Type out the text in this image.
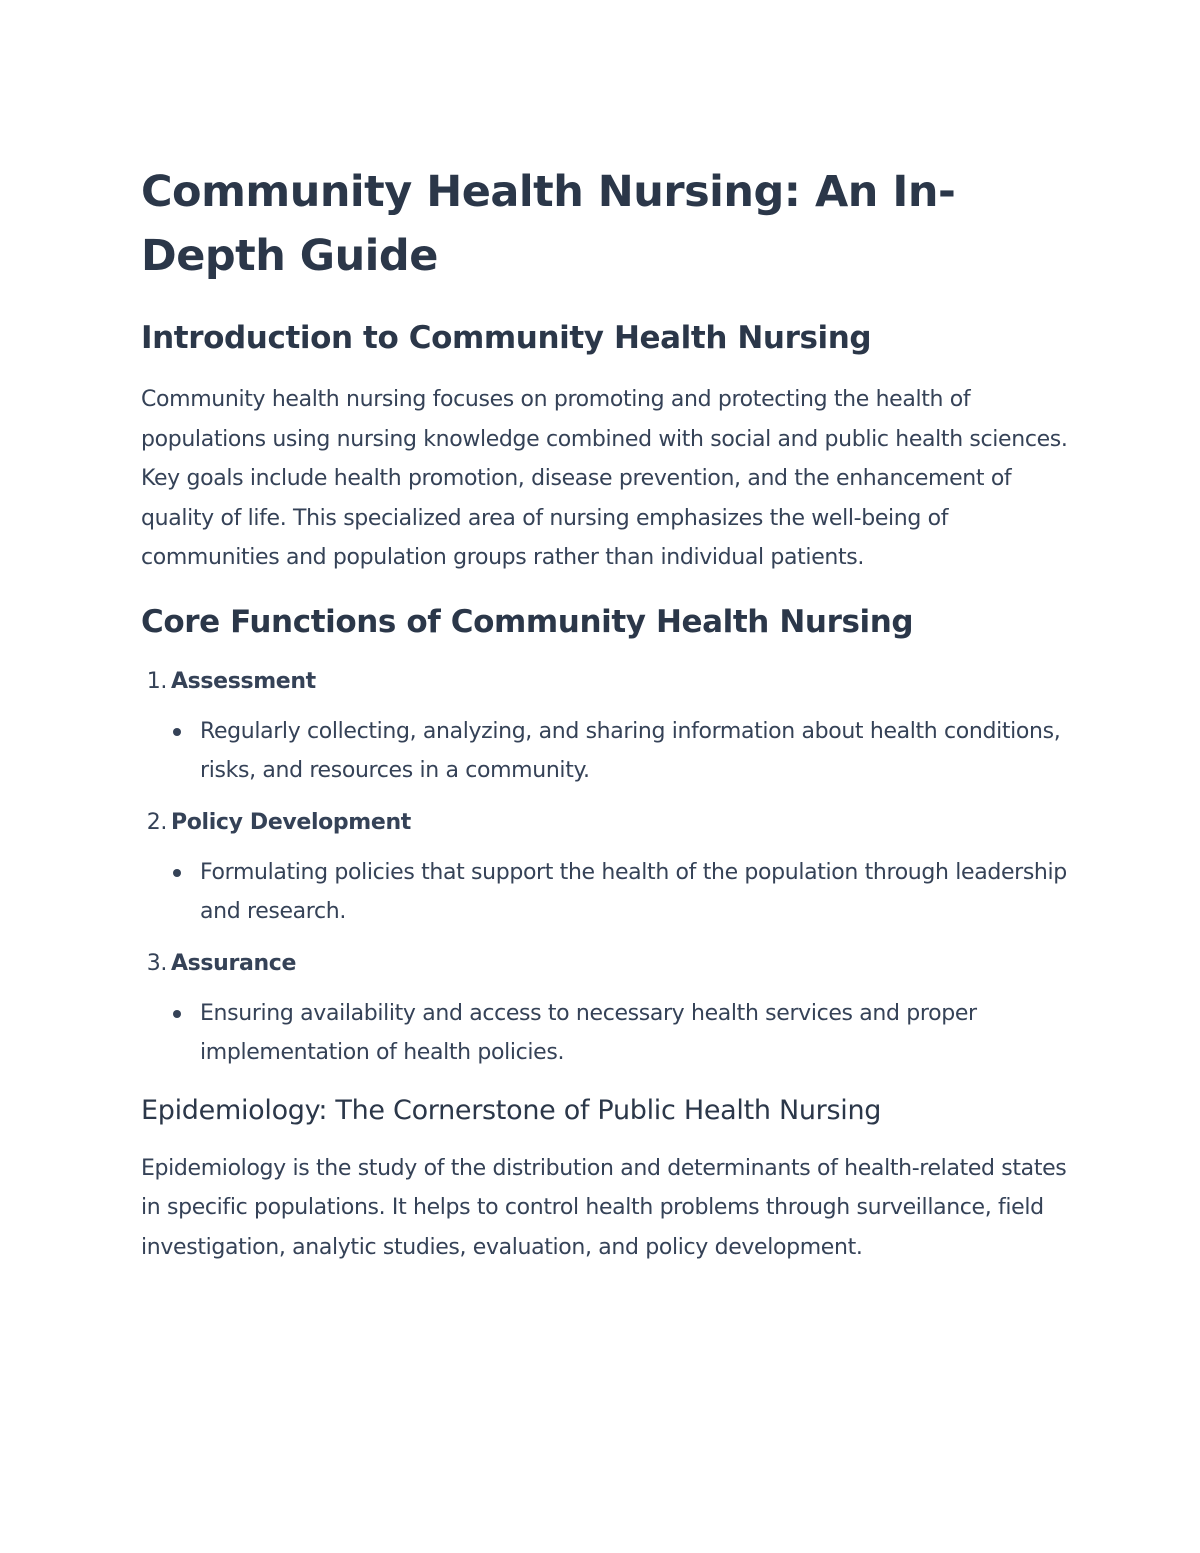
Community Health Nursing: An In-Depth Guide
Introduction to Community Health Nursing

Community health nursing focuses on promoting and protecting the health of populations using nursing knowledge combined with social and public health sciences. Key goals include health promotion, disease prevention, and the enhancement of quality of life. This specialized area of nursing emphasizes the well-being of communities and population groups rather than individual patients.

Core Functions of Community Health Nursing
1. Assessment
Regularly collecting, analyzing, and sharing information about health conditions, risks, and resources in a community.
2. Policy Development
Formulating policies that support the health of the population through leadership and research.
3. Assurance
Ensuring availability and access to necessary health services and proper implementation of health policies.
Epidemiology: The Cornerstone of Public Health Nursing

Epidemiology is the study of the distribution and determinants of health-related states in specific populations. It helps to control health problems through surveillance, field investigation, analytic studies, evaluation, and policy development.
